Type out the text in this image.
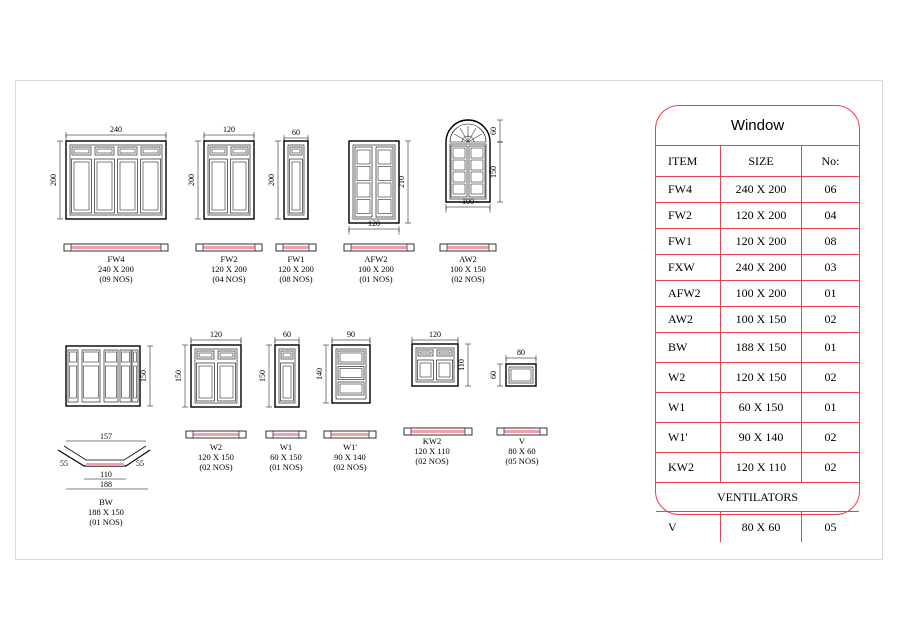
240
200
FW4
240 X 200
(09 NOS)
120
200
FW2
120 X 200
(04 NOS)
60
200
FW1
120 X 200
(08 NOS)
120
210
AFW2
100 X 200
(01 NOS)
100
60
150
AW2
100 X 150
(02 NOS)
150
157
110
188
55	55
BW
188 X 150
(01 NOS)
120
150
W2
120 X 150
(02 NOS)
60
150
W1
60 X 150
(01 NOS)
90
140
W1'
90 X 140
(02 NOS)
120
110
KW2
120 X 110
(02 NOS)
80
60
V
80 X 60
(05 NOS)
Window		
ITEM	SIZE	No:
FW4	240 X 200	06
FW2	120 X 200	04
FW1	120 X 200	08
FXW	240 X 200	03
AFW2	100 X 200	01
AW2	100 X 150	02
BW	188 X 150	01
W2	120 X 150	02
W1	60 X 150	01
W1'	90 X 140	02
KW2	120 X 110	02
VENTILATORS		
V	80 X 60	05
